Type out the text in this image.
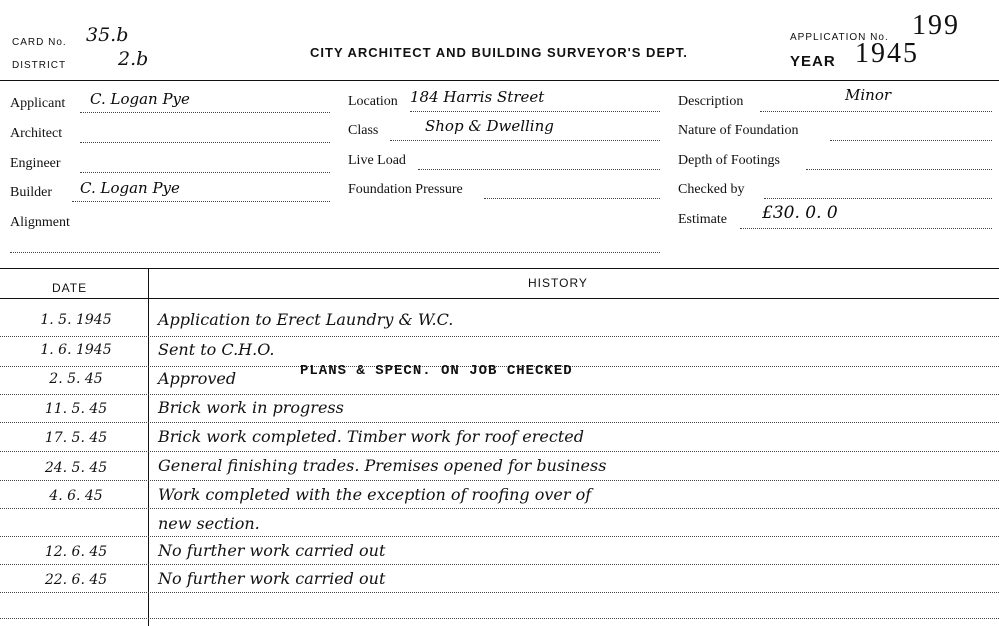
CARD No. 35.b
DISTRICT	2.b	CITY ARCHITECT AND BUILDING SURVEYOR'S DEPT.
APPLICATION No. 199
YEAR 1945
Applicant C. Logan Pye
Architect
Engineer
Builder C. Logan Pye
Alignment
Location 184 Harris Street
Class	Shop & Dwelling
Live Load
Foundation Pressure
Description	Minor
Nature of Foundation
Depth of Footings
Checked by
Estimate £30. 0. 0
DATE	HISTORY
1. 5. 1945	Application to Erect Laundry & W.C.
1. 6. 1945	Sent to C.H.O.
2. 5. 45	Approved	PLANS & SPECN. ON JOB CHECKED
11. 5. 45	Brick work in progress
17. 5. 45	Brick work completed. Timber work for roof erected
24. 5. 45	General finishing trades. Premises opened for business
4. 6. 45	Work completed with the exception of roofing over of
new section.
12. 6. 45	No further work carried out
22. 6. 45	No further work carried out
